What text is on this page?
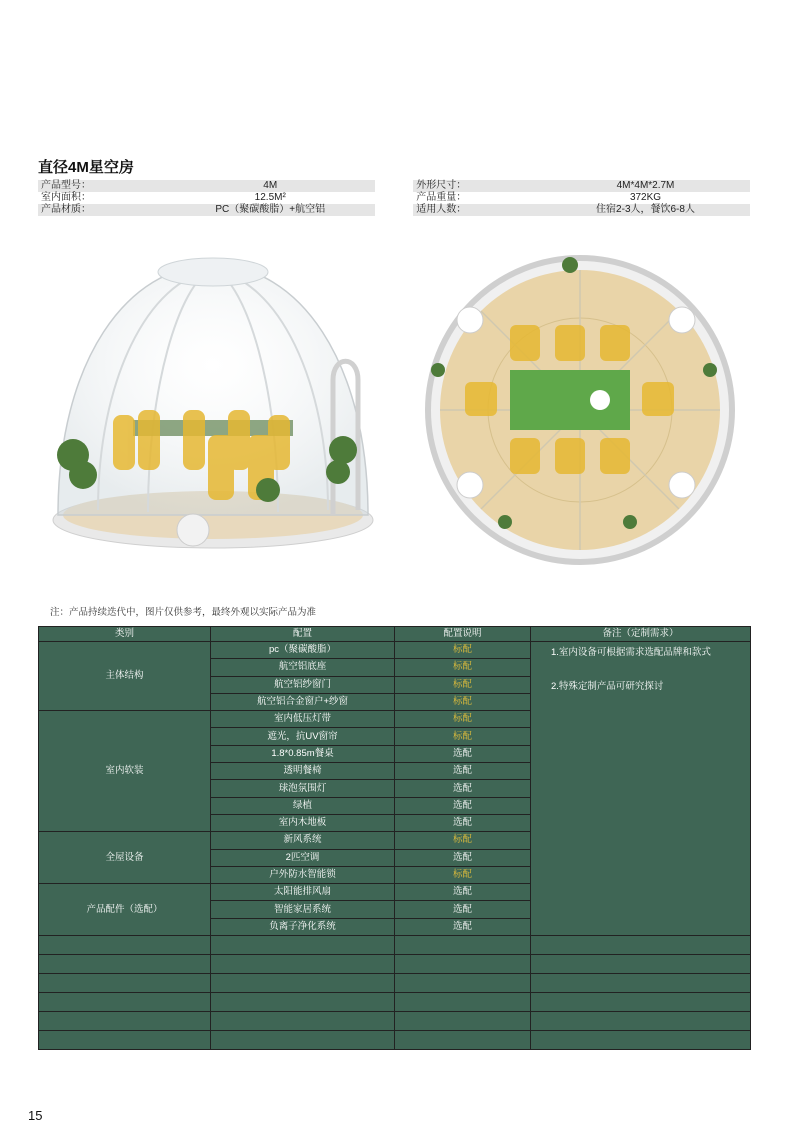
直径4M星空房
产品型号：	4M		外形尺寸：	4M*4M*2.7M
室内面积：	12.5M²		产品重量：	372KG
产品材质：	PC（聚碳酸脂）+航空铝		适用人数：	住宿2-3人，餐饮6-8人
注：产品持续迭代中，图片仅供参考，最终外观以实际产品为准
类别	配置	配置说明	备注（定制需求）
主体结构	pc（聚碳酸脂）	标配	1.室内设备可根据需求选配品牌和款式
2.特殊定制产品可研究探讨

	航空铝底座	标配	
	航空铝纱窗门	标配	
	航空铝合金窗户+纱窗	标配	
室内软装	室内低压灯带	标配	
	遮光，抗UV窗帘	标配	
	1.8*0.85m餐桌	选配	
	透明餐椅	选配	
	球泡氛围灯	选配	
	绿植	选配	
	室内木地板	选配	
全屋设备	新风系统	标配	
	2匹空调	选配	
	户外防水智能锁	标配	
产品配件（选配）	太阳能排风扇	选配	
	智能家居系统	选配	
	负离子净化系统	选配	

15
